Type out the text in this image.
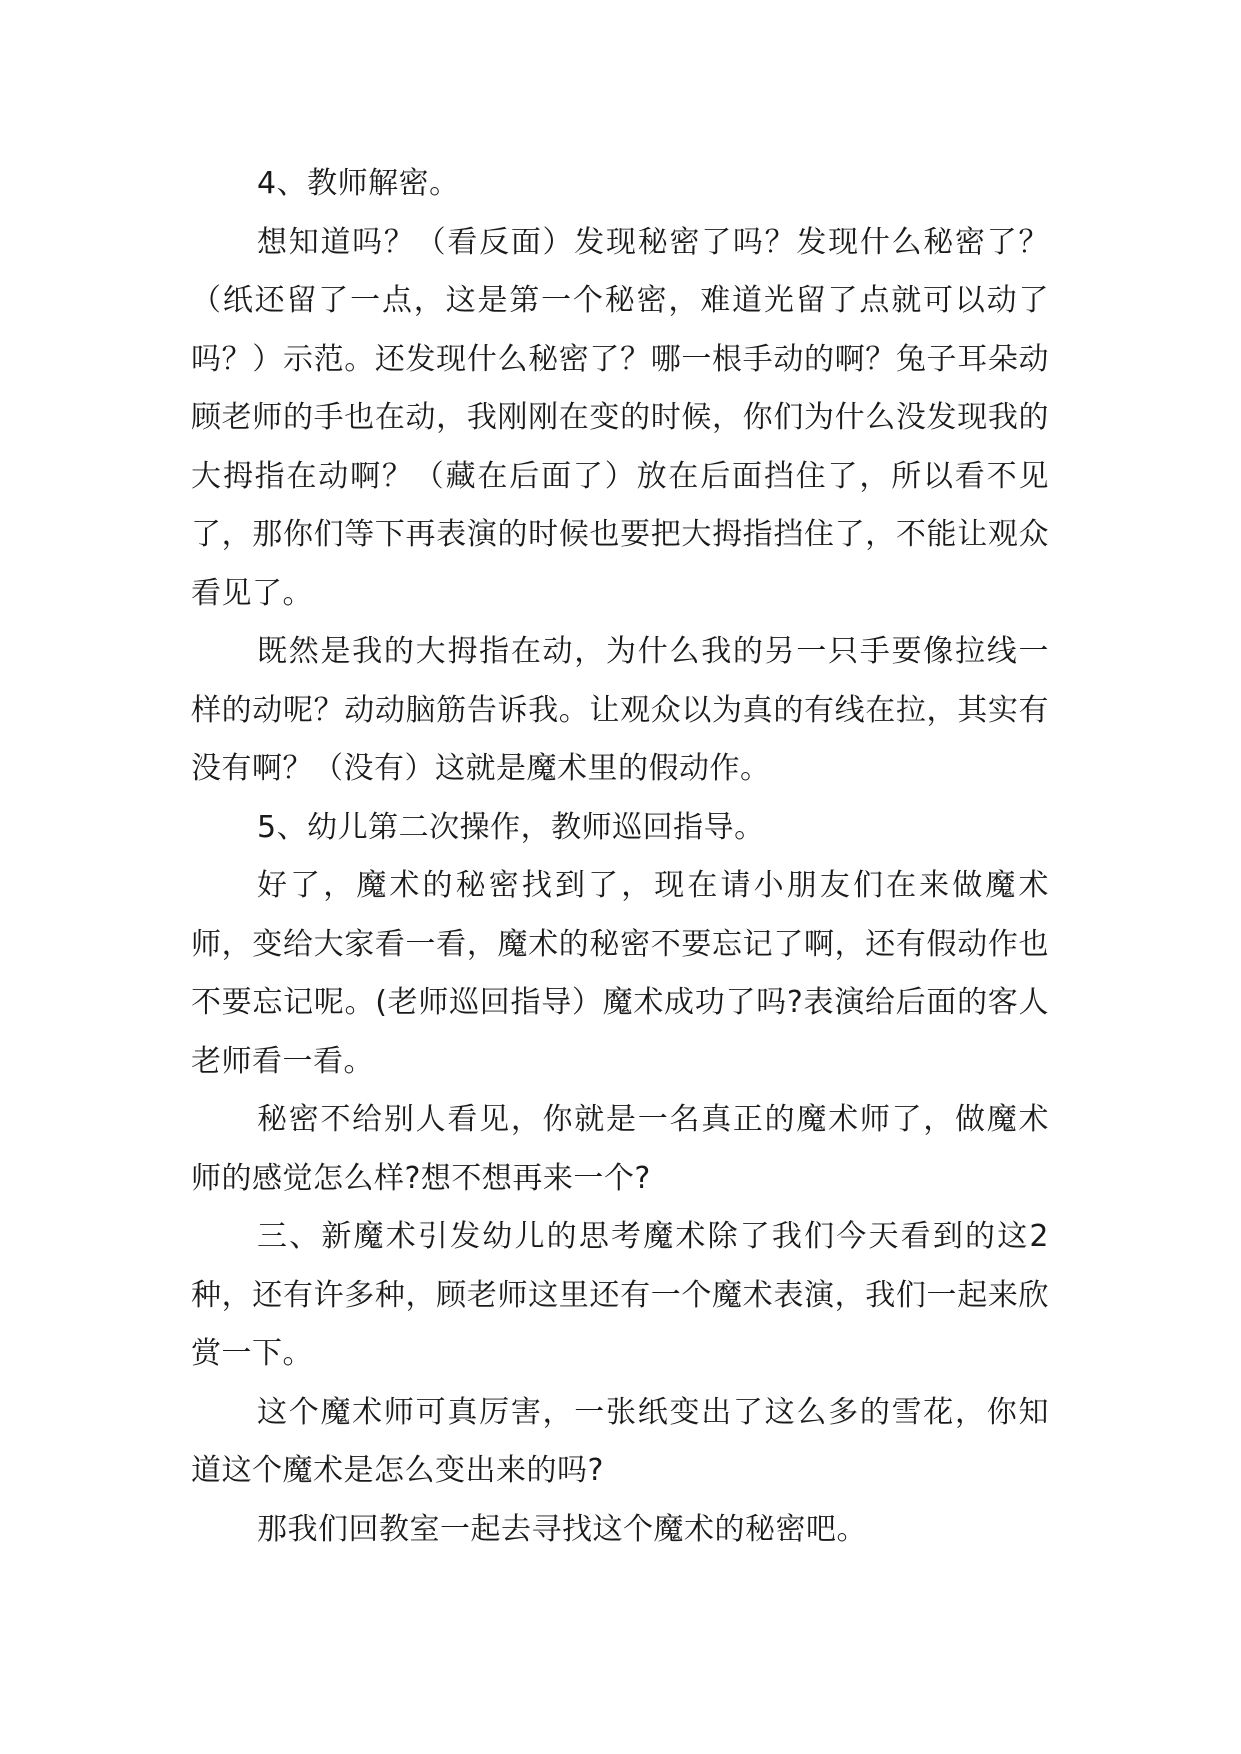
4、教师解密。

想知道吗？（看反面）发现秘密了吗？发现什么秘密了？（纸还留了一点，这是第一个秘密，难道光留了点就可以动了吗？）示范。还发现什么秘密了？哪一根手动的啊？兔子耳朵动顾老师的手也在动，我刚刚在变的时候，你们为什么没发现我的大拇指在动啊？（藏在后面了）放在后面挡住了，所以看不见了，那你们等下再表演的时候也要把大拇指挡住了，不能让观众看见了。

既然是我的大拇指在动，为什么我的另一只手要像拉线一样的动呢？动动脑筋告诉我。让观众以为真的有线在拉，其实有没有啊？（没有）这就是魔术里的假动作。

5、幼儿第二次操作，教师巡回指导。

好了，魔术的秘密找到了，现在请小朋友们在来做魔术师，变给大家看一看，魔术的秘密不要忘记了啊，还有假动作也不要忘记呢。(老师巡回指导）魔术成功了吗?表演给后面的客人老师看一看。

秘密不给别人看见，你就是一名真正的魔术师了，做魔术师的感觉怎么样?想不想再来一个?

三、新魔术引发幼儿的思考魔术除了我们今天看到的这2种，还有许多种，顾老师这里还有一个魔术表演，我们一起来欣赏一下。

这个魔术师可真厉害，一张纸变出了这么多的雪花，你知道这个魔术是怎么变出来的吗?

那我们回教室一起去寻找这个魔术的秘密吧。
